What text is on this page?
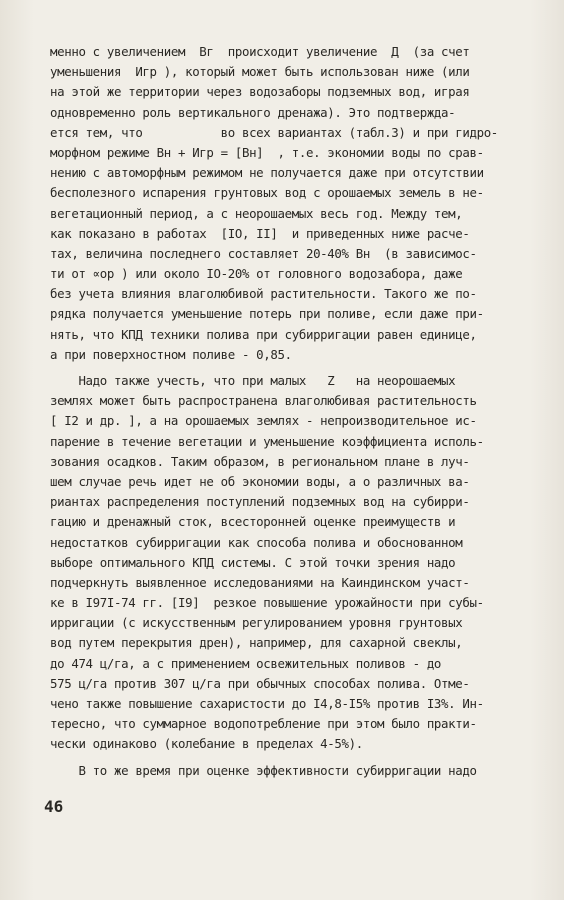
менно с увеличением  Bг  происходит увеличение  Д  (за счет
уменьшения  Игр ), который может быть использован ниже (или
на этой же территории через водозаборы подземных вод, играя
одновременно роль вертикального дренажа). Это подтвержда-
ется тем, что           во всех вариантах (табл.3) и при гидро-
морфном режиме Вн + Игр = [Вн]  , т.е. экономии воды по срав-
нению с автоморфным режимом не получается даже при отсутствии
бесполезного испарения грунтовых вод с орошаемых земель в не-
вегетационный период, а с неорошаемых весь год. Между тем,
как показано в работах  [IO, II]  и приведенных ниже расче-
тах, величина последнего составляет 20-40% Вн  (в зависимос-
ти от ∝ор ) или около IO-20% от головного водозабора, даже
без учета влияния влаголюбивой растительности. Такого же по-
рядка получается уменьшение потерь при поливе, если даже при-
нять, что КПД техники полива при субирригации равен единице,
а при поверхностном поливе - 0,85.
Надо также учесть, что при малых   Z   на неорошаемых
землях может быть распространена влаголюбивая растительность
[ I2 и др. ], а на орошаемых землях - непроизводительное ис-
парение в течение вегетации и уменьшение коэффициента исполь-
зования осадков. Таким образом, в региональном плане в луч-
шем случае речь идет не об экономии воды, а о различных ва-
риантах распределения поступлений подземных вод на субирри-
гацию и дренажный сток, всесторонней оценке преимуществ и
недостатков субирригации как способа полива и обоснованном
выборе оптимального КПД системы. С этой точки зрения надо
подчеркнуть выявленное исследованиями на Каиндинском участ-
ке в I97I-74 гг. [I9]  резкое повышение урожайности при субы-
ирригации (с искусственным регулированием уровня грунтовых
вод путем перекрытия дрен), например, для сахарной свеклы,
до 474 ц/га, а с применением освежительных поливов - до
575 ц/га против 307 ц/га при обычных способах полива. Отме-
чено также повышение сахаристости до I4,8-I5% против I3%. Ин-
тересно, что суммарное водопотребление при этом было практи-
чески одинаково (колебание в пределах 4-5%).
В то же время при оценке эффективности субирригации надо
46
